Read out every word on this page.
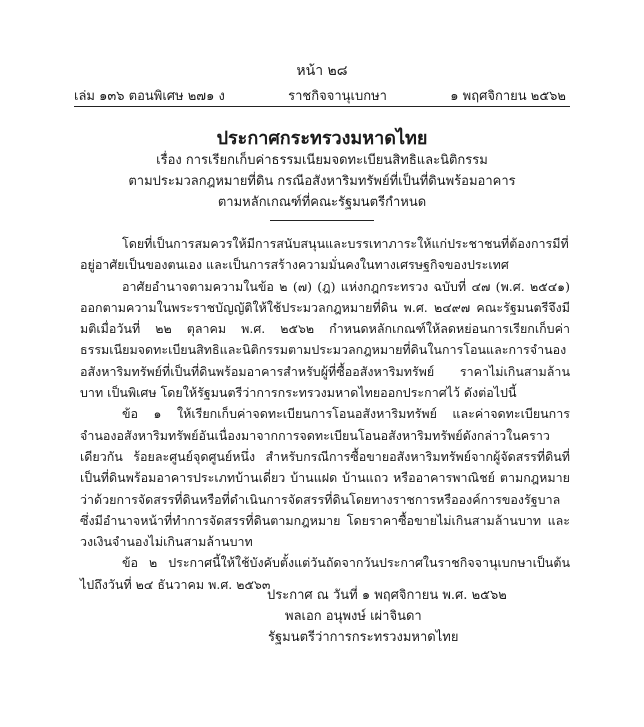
หน้า ๒๘
เล่ม ๑๓๖ ตอนพิเศษ ๒๗๑ ง	ราชกิจจานุเบกษา	๑ พฤศจิกายน ๒๕๖๒
ประกาศกระทรวงมหาดไทย
เรื่อง การเรียกเก็บค่าธรรมเนียมจดทะเบียนสิทธิและนิติกรรม
ตามประมวลกฎหมายที่ดิน กรณีอสังหาริมทรัพย์ที่เป็นที่ดินพร้อมอาคาร
ตามหลักเกณฑ์ที่คณะรัฐมนตรีกำหนด

โดยที่เป็นการสมควรให้มีการสนับสนุนและบรรเทาภาระให้แก่ประชาชนที่ต้องการมีที่อยู่อาศัยเป็นของตนเอง และเป็นการสร้างความมั่นคงในทางเศรษฐกิจของประเทศ

อาศัยอำนาจตามความในข้อ ๒ (๗) (ฎ) แห่งกฎกระทรวง ฉบับที่ ๔๗ (พ.ศ. ๒๕๔๑) ออกตามความในพระราชบัญญัติให้ใช้ประมวลกฎหมายที่ดิน พ.ศ. ๒๔๙๗ คณะรัฐมนตรีจึงมีมติเมื่อวันที่ ๒๒ ตุลาคม พ.ศ. ๒๕๖๒ กำหนดหลักเกณฑ์ให้ลดหย่อนการเรียกเก็บค่าธรรมเนียมจดทะเบียนสิทธิและนิติกรรมตามประมวลกฎหมายที่ดินในการโอนและการจำนองอสังหาริมทรัพย์ที่เป็นที่ดินพร้อมอาคารสำหรับผู้ที่ซื้ออสังหาริมทรัพย์ ราคาไม่เกินสามล้านบาท เป็นพิเศษ โดยให้รัฐมนตรีว่าการกระทรวงมหาดไทยออกประกาศไว้ ดังต่อไปนี้

ข้อ ๑ ให้เรียกเก็บค่าจดทะเบียนการโอนอสังหาริมทรัพย์ และค่าจดทะเบียนการจำนองอสังหาริมทรัพย์อันเนื่องมาจากการจดทะเบียนโอนอสังหาริมทรัพย์ดังกล่าวในคราวเดียวกัน ร้อยละศูนย์จุดศูนย์หนึ่ง สำหรับกรณีการซื้อขายอสังหาริมทรัพย์จากผู้จัดสรรที่ดินที่เป็นที่ดินพร้อมอาคารประเภทบ้านเดี่ยว บ้านแฝด บ้านแถว หรืออาคารพาณิชย์ ตามกฎหมายว่าด้วยการจัดสรรที่ดินหรือที่ดำเนินการจัดสรรที่ดินโดยทางราชการหรือองค์การของรัฐบาลซึ่งมีอำนาจหน้าที่ทำการจัดสรรที่ดินตามกฎหมาย โดยราคาซื้อขายไม่เกินสามล้านบาท และวงเงินจำนองไม่เกินสามล้านบาท

ข้อ ๒ ประกาศนี้ให้ใช้บังคับตั้งแต่วันถัดจากวันประกาศในราชกิจจานุเบกษาเป็นต้นไปถึงวันที่ ๒๔ ธันวาคม พ.ศ. ๒๕๖๓

ประกาศ ณ วันที่ ๑ พฤศจิกายน พ.ศ. ๒๕๖๒
พลเอก อนุพงษ์ เผ่าจินดา
รัฐมนตรีว่าการกระทรวงมหาดไทย
